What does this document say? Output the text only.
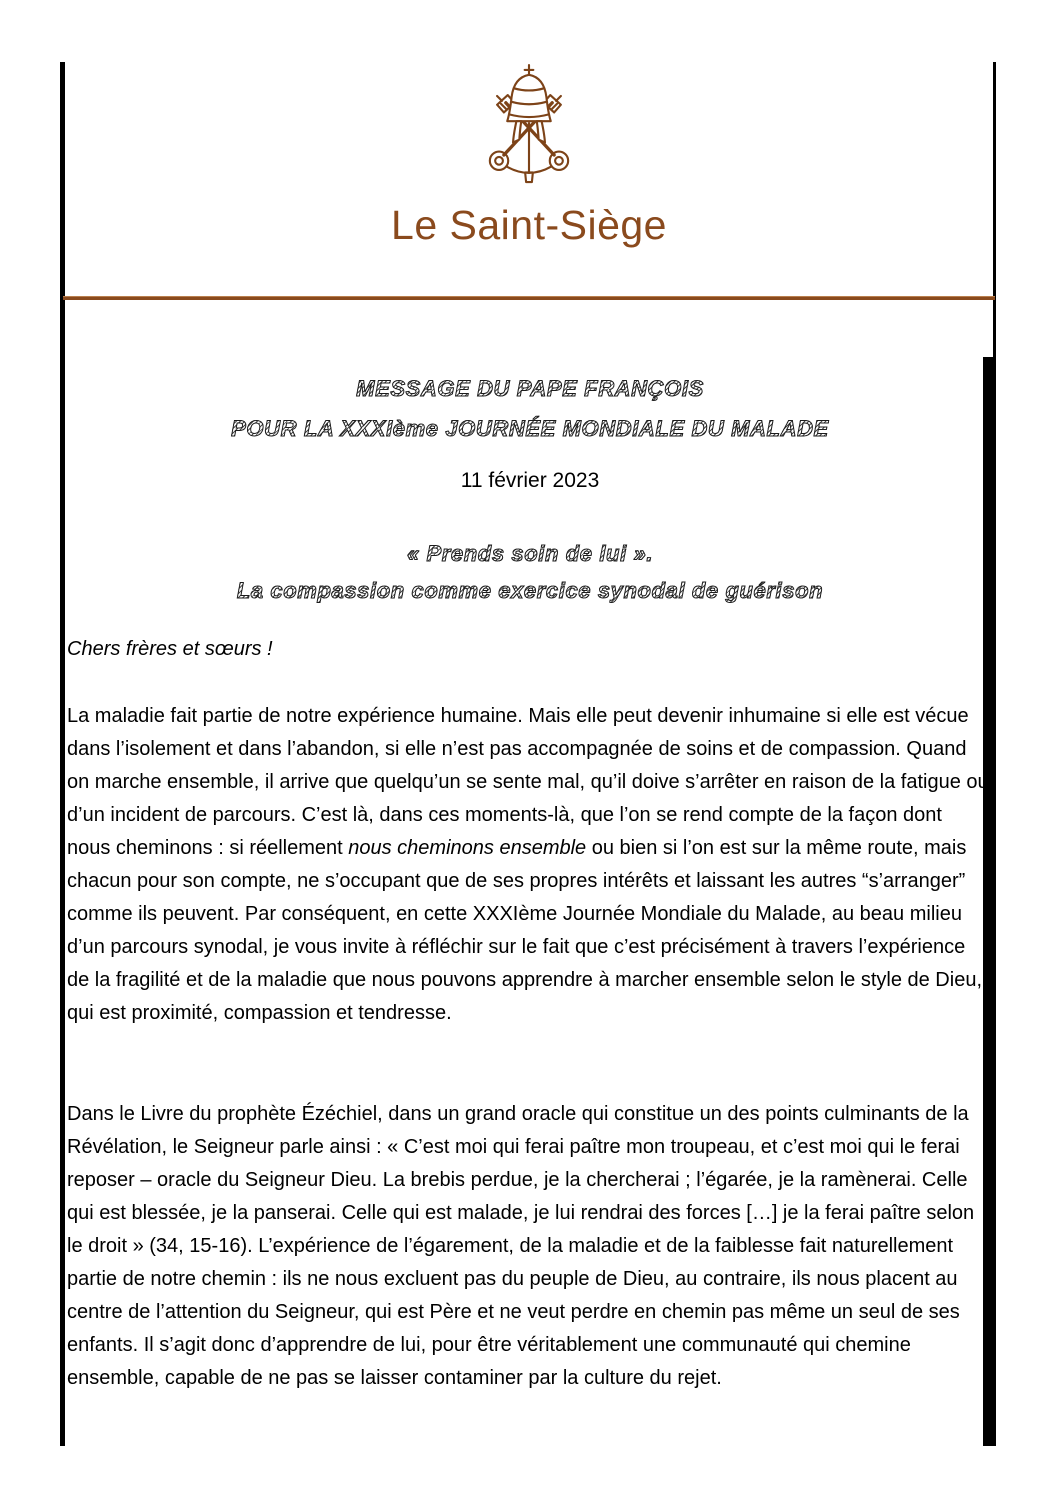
Le Saint-Siège
MESSAGE DU PAPE FRANÇOIS
POUR LA XXXIème JOURNÉE MONDIALE DU MALADE
11 février 2023
« Prends soin de lui ».
La compassion comme exercice synodal de guérison
Chers frères et sœurs !

La maladie fait partie de notre expérience humaine. Mais elle peut devenir inhumaine si elle est vécue dans l’isolement et dans l’abandon, si elle n’est pas accompagnée de soins et de compassion. Quand on marche ensemble, il arrive que quelqu’un se sente mal, qu’il doive s’arrêter en raison de la fatigue ou d’un incident de parcours. C’est là, dans ces moments-là, que l’on se rend compte de la façon dont nous cheminons : si réellement nous cheminons ensemble ou bien si l’on est sur la même route, mais chacun pour son compte, ne s’occupant que de ses propres intérêts et laissant les autres “s’arranger” comme ils peuvent. Par conséquent, en cette XXXIème Journée Mondiale du Malade, au beau milieu d’un parcours synodal, je vous invite à réfléchir sur le fait que c’est précisément à travers l’expérience de la fragilité et de la maladie que nous pouvons apprendre à marcher ensemble selon le style de Dieu, qui est proximité, compassion et tendresse.

Dans le Livre du prophète Ézéchiel, dans un grand oracle qui constitue un des points culminants de la Révélation, le Seigneur parle ainsi : « C’est moi qui ferai paître mon troupeau, et c’est moi qui le ferai reposer – oracle du Seigneur Dieu. La brebis perdue, je la chercherai ; l’égarée, je la ramènerai. Celle qui est blessée, je la panserai. Celle qui est malade, je lui rendrai des forces […] je la ferai paître selon le droit » (34, 15-16). L’expérience de l’égarement, de la maladie et de la faiblesse fait naturellement partie de notre chemin : ils ne nous excluent pas du peuple de Dieu, au contraire, ils nous placent au centre de l’attention du Seigneur, qui est Père et ne veut perdre en chemin pas même un seul de ses enfants. Il s’agit donc d’apprendre de lui, pour être véritablement une communauté qui chemine ensemble, capable de ne pas se laisser contaminer par la culture du rejet.
